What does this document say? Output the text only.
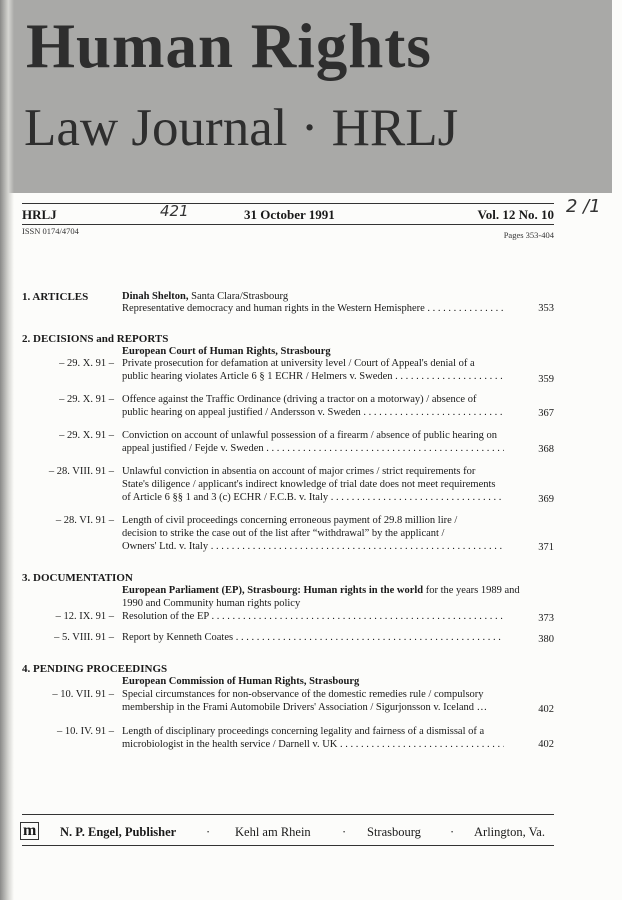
Human Rights
Law Journal · HRLJ
HRLJ	421	31 October 1991	Vol. 12 No. 10 2 /1
ISSN 0174/4704	Pages 353-404
1. ARTICLES	Dinah Shelton, Santa Clara/Strasbourg
Representative democracy and human rights in the Western Hemisphere . . .	353
2. DECISIONS and REPORTS
European Court of Human Rights, Strasbourg
– 29. X. 91 – Private prosecution for defamation at university level / Court of Appeal's denial of a
public hearing violates Article 6 § 1 ECHR / Helmers v. Sweden . . .	359
– 29. X. 91 – Offence against the Traffic Ordinance (driving a tractor on a motorway) / absence of
public hearing on appeal justified / Andersson v. Sweden . . .	367
– 29. X. 91 – Conviction on account of unlawful possession of a firearm / absence of public hearing on
appeal justified / Fejde v. Sweden . . .	368
– 28. VIII. 91 – Unlawful conviction in absentia on account of major crimes / strict requirements for
State's diligence / applicant's indirect knowledge of trial date does not meet requirements
of Article 6 §§ 1 and 3 (c) ECHR / F.C.B. v. Italy . . .	369
– 28. VI. 91 – Length of civil proceedings concerning erroneous payment of 29.8 million lire /
decision to strike the case out of the list after “withdrawal” by the applicant /
Owners' Ltd. v. Italy . . .	371
3. DOCUMENTATION
European Parliament (EP), Strasbourg: Human rights in the world for the years 1989 and
1990 and Community human rights policy
– 12. IX. 91 – Resolution of the EP . . .	373
– 5. VIII. 91 – Report by Kenneth Coates . . .	380
4. PENDING PROCEEDINGS
European Commission of Human Rights, Strasbourg
– 10. VII. 91 – Special circumstances for non-observance of the domestic remedies rule / compulsory
membership in the Frami Automobile Drivers' Association / Sigurjonsson v. Iceland …	402
– 10. IV. 91 – Length of disciplinary proceedings concerning legality and fairness of a dismissal of a
microbiologist in the health service / Darnell v. UK . . .	402
m N. P. Engel, Publisher · Kehl am Rhein	· Strasbourg · Arlington, Va.
